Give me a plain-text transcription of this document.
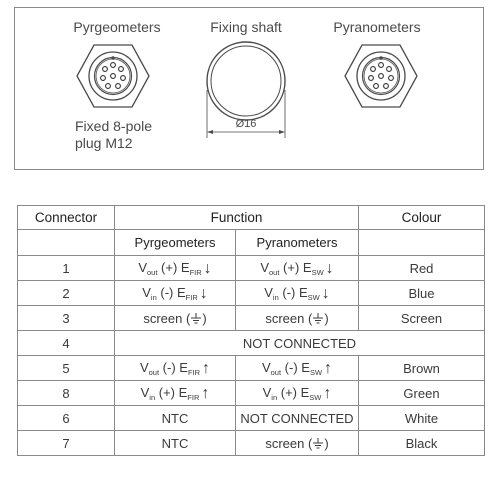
Pyrgeometers	Fixing shaft	Pyranometers
Fixed 8-pole
plug M12
Ø16
Connector	Function		Colour
	Pyrgeometers	Pyranometers	
1	$V_{out}$ (+) $E_{FIR}$ ↓	$V_{out}$ (+) $E_{SW}$ ↓	Red
2	$V_{in}$ (-) $E_{FIR}$ ↓	$V_{in}$ (-) $E_{SW}$ ↓	Blue
3	screen ( )	screen ( )	Screen
4	NOT CONNECTED		
5	$V_{out}$ (-) $E_{FIR}$ ↑	$V_{out}$ (-) $E_{SW}$ ↑	Brown
8	$V_{in}$ (+) $E_{FIR}$ ↑	$V_{in}$ (+) $E_{SW}$ ↑	Green
6	NTC	NOT CONNECTED	White
7	NTC	screen ( )	Black
